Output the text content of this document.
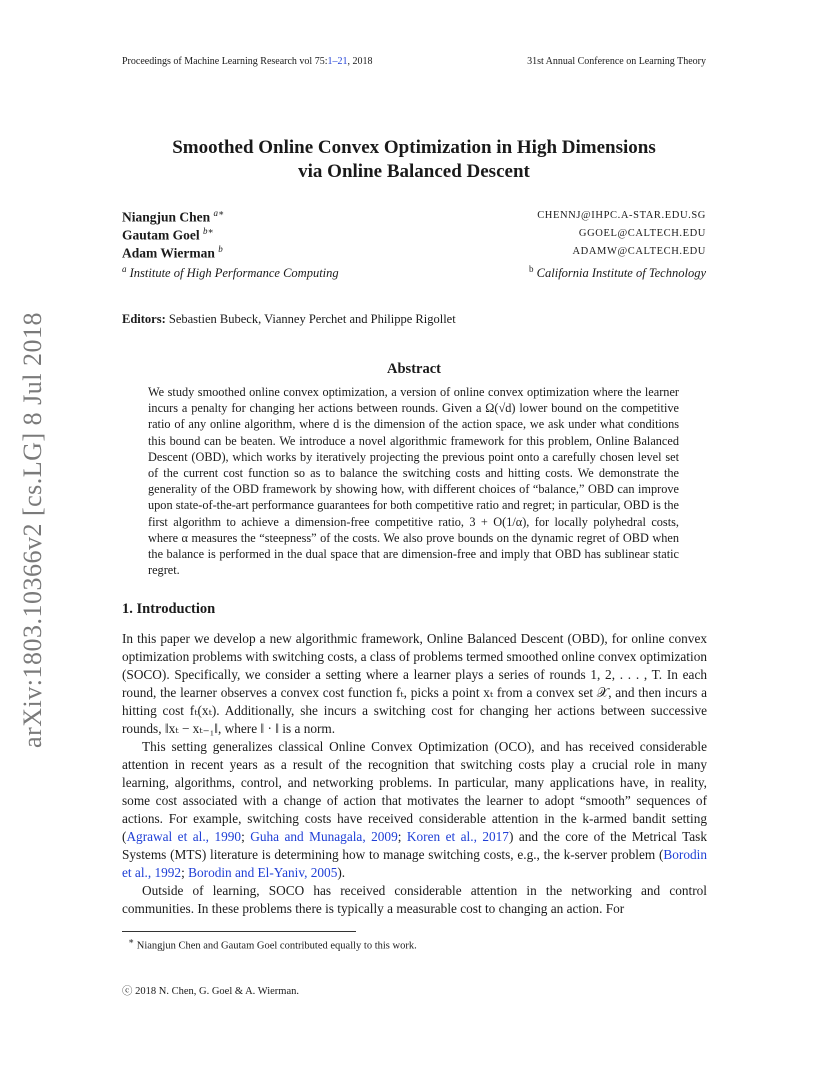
Proceedings of Machine Learning Research vol 75:1–21, 2018	31st Annual Conference on Learning Theory
arXiv:1803.10366v2 [cs.LG] 8 Jul 2018
Smoothed Online Convex Optimization in High Dimensions
via Online Balanced Descent
Niangjun Chen $^{a∗}$	CHENNJ@IHPC.A-STAR.EDU.SG
Gautam Goel $^{b∗}$	GGOEL@CALTECH.EDU
Adam Wierman $^b$	ADAMW@CALTECH.EDU
$^a$ Institute of High Performance Computing	$^b$ California Institute of Technology
Editors: Sebastien Bubeck, Vianney Perchet and Philippe Rigollet
Abstract
We study smoothed online convex optimization, a version of online convex optimization where the learner incurs a penalty for changing her actions between rounds. Given a Ω(√d) lower bound on the competitive ratio of any online algorithm, where d is the dimension of the action space, we ask under what conditions this bound can be beaten. We introduce a novel algorithmic framework for this problem, Online Balanced Descent (OBD), which works by iteratively projecting the previous point onto a carefully chosen level set of the current cost function so as to balance the switching costs and hitting costs. We demonstrate the generality of the OBD framework by showing how, with different choices of “balance,” OBD can improve upon state-of-the-art performance guarantees for both competitive ratio and regret; in particular, OBD is the first algorithm to achieve a dimension-free competitive ratio, 3 + O(1/α), for locally polyhedral costs, where α measures the “steepness” of the costs. We also prove bounds on the dynamic regret of OBD when the balance is performed in the dual space that are dimension-free and imply that OBD has sublinear static regret.
1. Introduction

In this paper we develop a new algorithmic framework, Online Balanced Descent (OBD), for online convex optimization problems with switching costs, a class of problems termed smoothed online convex optimization (SOCO). Specifically, we consider a setting where a learner plays a series of rounds 1, 2, . . . , T. In each round, the learner observes a convex cost function fₜ, picks a point xₜ from a convex set 𝒳, and then incurs a hitting cost fₜ(xₜ). Additionally, she incurs a switching cost for changing her actions between successive rounds, ‖xₜ − xₜ₋₁‖, where ‖ · ‖ is a norm.

This setting generalizes classical Online Convex Optimization (OCO), and has received considerable attention in recent years as a result of the recognition that switching costs play a crucial role in many learning, algorithms, control, and networking problems. In particular, many applications have, in reality, some cost associated with a change of action that motivates the learner to adopt “smooth” sequences of actions. For example, switching costs have received considerable attention in the k-armed bandit setting (Agrawal et al., 1990; Guha and Munagala, 2009; Koren et al., 2017) and the core of the Metrical Task Systems (MTS) literature is determining how to manage switching costs, e.g., the k-server problem (Borodin et al., 1992; Borodin and El-Yaniv, 2005).

Outside of learning, SOCO has received considerable attention in the networking and control communities. In these problems there is typically a measurable cost to changing an action. For

∗ Niangjun Chen and Gautam Goel contributed equally to this work.
ⓒ 2018 N. Chen, G. Goel & A. Wierman.
